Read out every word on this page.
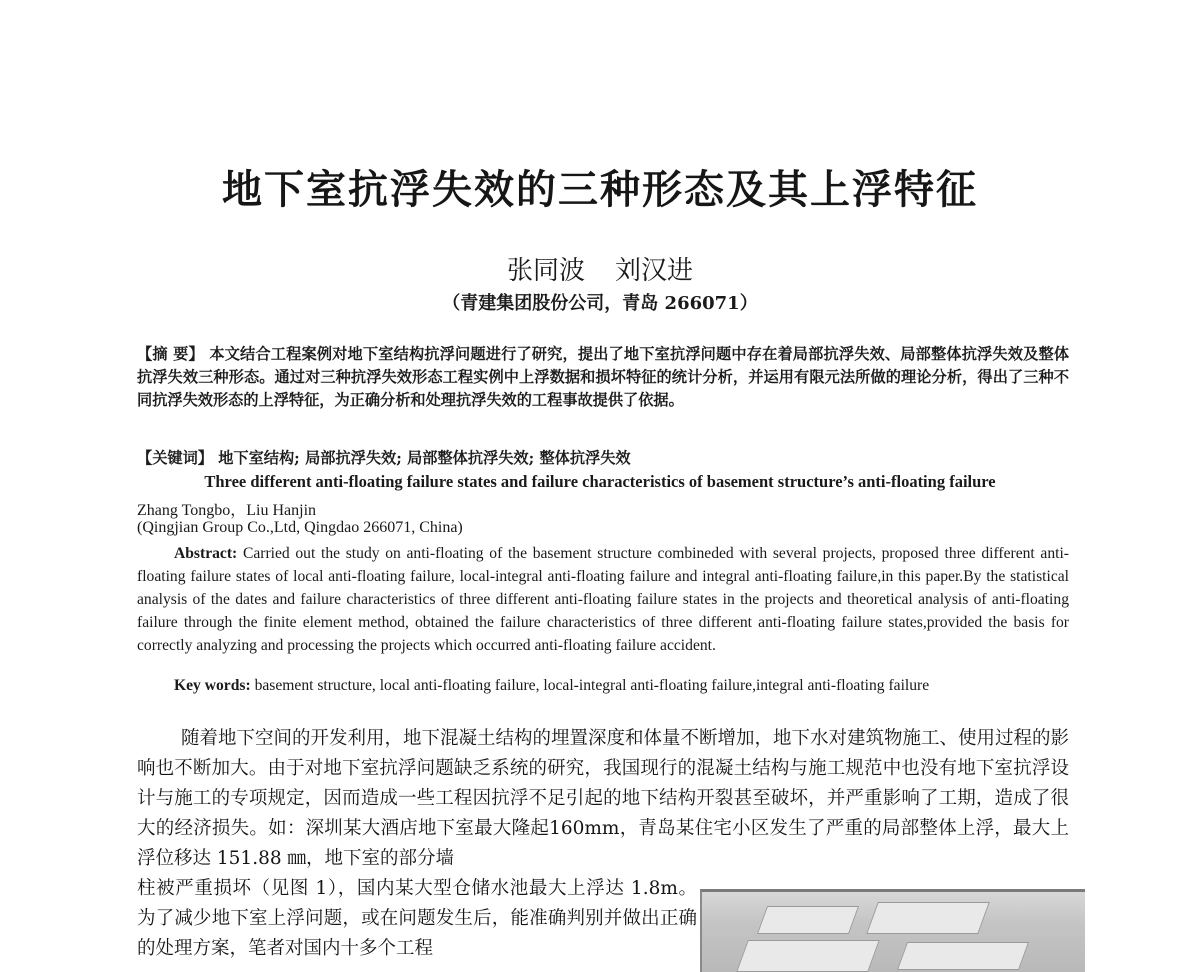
地下室抗浮失效的三种形态及其上浮特征
张同波 刘汉进
（青建集团股份公司，青岛 266071）
【摘 要】 本文结合工程案例对地下室结构抗浮问题进行了研究，提出了地下室抗浮问题中存在着局部抗浮失效、局部整体抗浮失效及整体抗浮失效三种形态。通过对三种抗浮失效形态工程实例中上浮数据和损坏特征的统计分析，并运用有限元法所做的理论分析，得出了三种不同抗浮失效形态的上浮特征，为正确分析和处理抗浮失效的工程事故提供了依据。
【关键词】 地下室结构; 局部抗浮失效; 局部整体抗浮失效; 整体抗浮失效
Three different anti-floating failure states and failure characteristics of basement structure’s anti-floating failure
Zhang Tongbo，Liu Hanjin
(Qingjian Group Co.,Ltd, Qingdao 266071, China)
Abstract: Carried out the study on anti-floating of the basement structure combineded with several projects, proposed three different anti-floating failure states of local anti-floating failure, local-integral anti-floating failure and integral anti-floating failure,in this paper.By the statistical analysis of the dates and failure characteristics of three different anti-floating failure states in the projects and theoretical analysis of anti-floating failure through the finite element method, obtained the failure characteristics of three different anti-floating failure states,provided the basis for correctly analyzing and processing the projects which occurred anti-floating failure accident.
Key words: basement structure, local anti-floating failure, local-integral anti-floating failure,integral anti-floating failure
随着地下空间的开发利用，地下混凝土结构的埋置深度和体量不断增加，地下水对建筑物施工、使用过程的影响也不断加大。由于对地下室抗浮问题缺乏系统的研究，我国现行的混凝土结构与施工规范中也没有地下室抗浮设计与施工的专项规定，因而造成一些工程因抗浮不足引起的地下结构开裂甚至破坏，并严重影响了工期，造成了很大的经济损失。如：深圳某大酒店地下室最大隆起160mm，青岛某住宅小区发生了严重的局部整体上浮，最大上浮位移达 151.88 ㎜，地下室的部分墙
柱被严重损坏（见图 1），国内某大型仓储水池最大上浮达 1.8m。为了减少地下室上浮问题，或在问题发生后，能准确判别并做出正确的处理方案，笔者对国内十多个工程
